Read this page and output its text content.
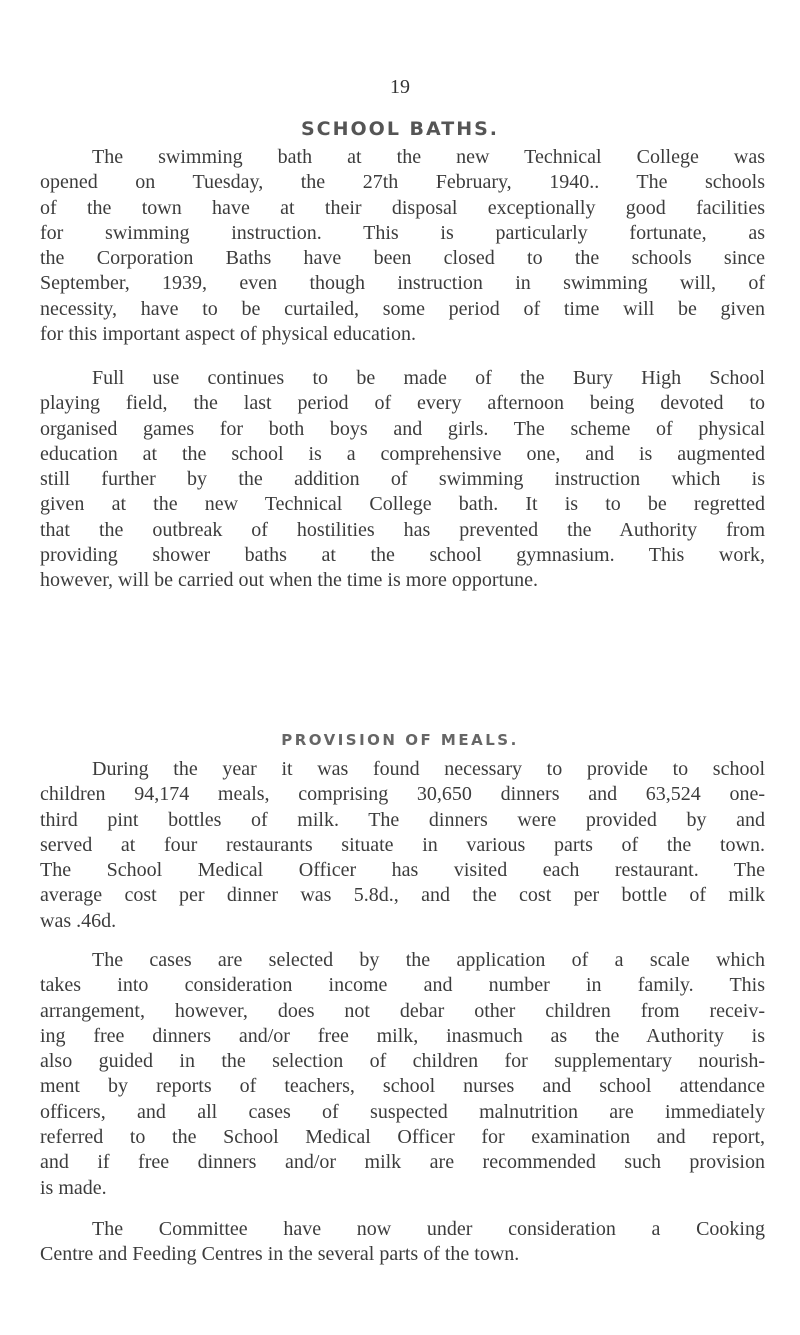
19
SCHOOL BATHS.
The swimming bath at the new Technical College was
opened on Tuesday, the 27th February, 1940.. The schools
of the town have at their disposal exceptionally good facilities
for swimming instruction. This is particularly fortunate, as
the Corporation Baths have been closed to the schools since
September, 1939, even though instruction in swimming will, of
necessity, have to be curtailed, some period of time will be given
for this important aspect of physical education.
Full use continues to be made of the Bury High School
playing field, the last period of every afternoon being devoted to
organised games for both boys and girls. The scheme of physical
education at the school is a comprehensive one, and is augmented
still further by the addition of swimming instruction which is
given at the new Technical College bath. It is to be regretted
that the outbreak of hostilities has prevented the Authority from
providing shower baths at the school gymnasium. This work,
however, will be carried out when the time is more opportune.
PROVISION OF MEALS.
During the year it was found necessary to provide to school
children 94,174 meals, comprising 30,650 dinners and 63,524 one-
third pint bottles of milk. The dinners were provided by and
served at four restaurants situate in various parts of the town.
The School Medical Officer has visited each restaurant. The
average cost per dinner was 5.8d., and the cost per bottle of milk
was .46d.
The cases are selected by the application of a scale which
takes into consideration income and number in family. This
arrangement, however, does not debar other children from receiv-
ing free dinners and/or free milk, inasmuch as the Authority is
also guided in the selection of children for supplementary nourish-
ment by reports of teachers, school nurses and school attendance
officers, and all cases of suspected malnutrition are immediately
referred to the School Medical Officer for examination and report,
and if free dinners and/or milk are recommended such provision
is made.
The Committee have now under consideration a Cooking
Centre and Feeding Centres in the several parts of the town.
